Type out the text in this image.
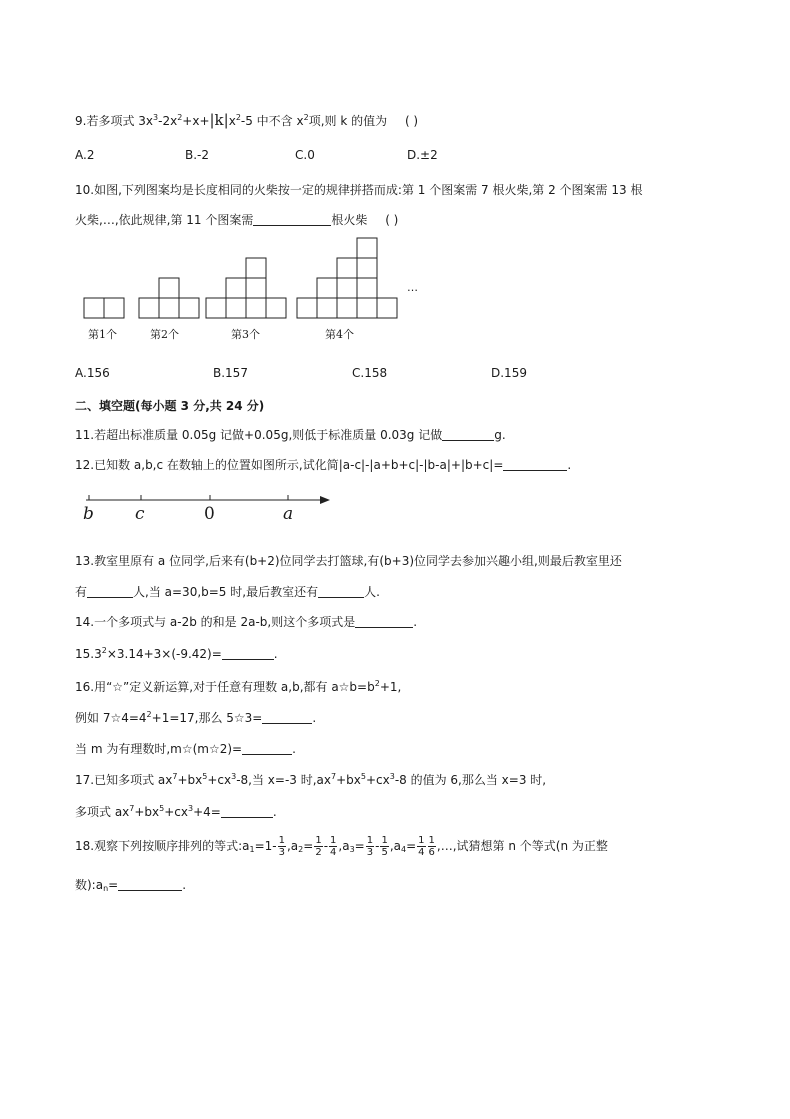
9.若多项式 $3x^3-2x^2+x+|k|x^2-5$ 中不含 $x^2$项,则 k 的值为 ( )
A.2	B.-2	C.0	D.±2
10.如图,下列图案均是长度相同的火柴按一定的规律拼搭而成:第 1 个图案需 7 根火柴,第 2 个图案需 13 根
火柴,…,依此规律,第 11 个图案需	根火柴 ( )
…
第1个	第2个	第3个	第4个
A.156	B.157	C.158	D.159
二、填空题(每小题 3 分,共 24 分)
11.若超出标准质量 0.05g 记做+0.05g,则低于标准质量 0.03g 记做	g.
12.已知数 a,b,c 在数轴上的位置如图所示,试化简|a-c|-|a+b+c|-|b-a|+|b+c|=	.
b c	0	a
13.教室里原有 a 位同学,后来有(b+2)位同学去打篮球,有(b+3)位同学去参加兴趣小组,则最后教室里还
有	人,当 a=30,b=5 时,最后教室还有	人.
14.一个多项式与 a-2b 的和是 2a-b,则这个多项式是	.
$15.3^2\times 3.14+3\times(-9.42)=$	.
16.用“☆”定义新运算,对于任意有理数 a,b,都有 $a☆b=b^2+1$,
例如 $7☆4=4^2+1=17$,那么 5☆3=	.
当 m 为有理数时,m☆(m☆2)=	.
17.已知多项式 $ax^7+bx^5+cx^3-8$,当 x=-3 时$,ax^7+bx^5+cx^3-8$ 的值为 6,那么当 x=3 时,
多项式 $ax^7+bx^5+cx^3+4=$	.
18.观察下列按顺序排列的等式$:a_1=1- \frac{1}{3} ,a_2= \frac{1}{2} - \frac{1}{4} ,a_3= \frac{1}{3} - \frac{1}{5} ,a_4= \frac{1}{4} \frac{1}{6}$ ,…,试猜想第 n 个等式(n 为正整
数)$:a_n=$	.
